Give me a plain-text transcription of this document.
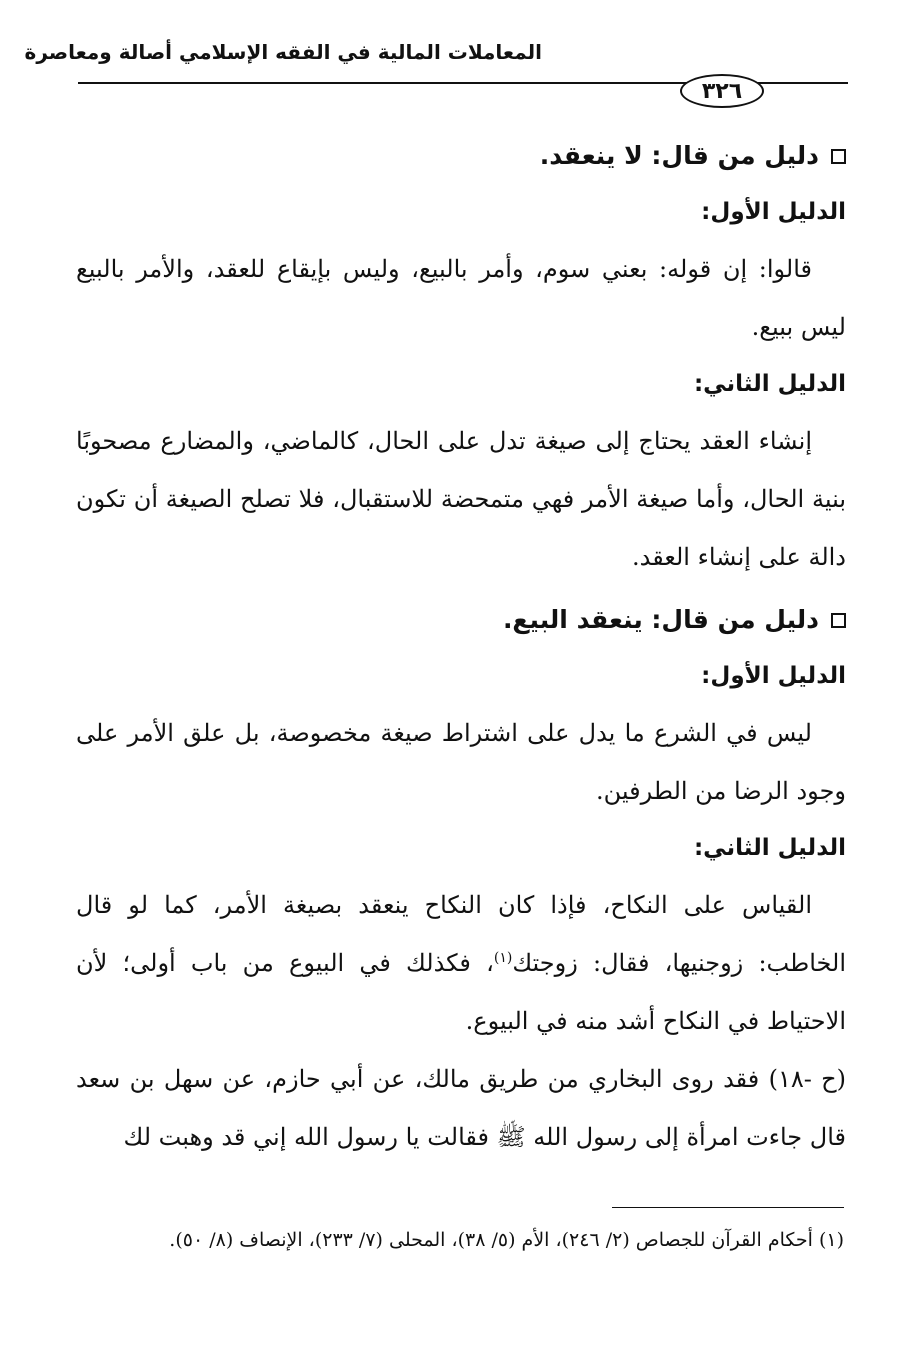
المعاملات المالية في الفقه الإسلامي أصالة ومعاصرة
٣٢٦
دليل من قال: لا ينعقد.
الدليل الأول:

قالوا: إن قوله: بعني سوم، وأمر بالبيع، وليس بإيقاع للعقد، والأمر بالبيع ليس ببيع.

الدليل الثاني:

إنشاء العقد يحتاج إلى صيغة تدل على الحال، كالماضي، والمضارع مصحوبًا بنية الحال، وأما صيغة الأمر فهي متمحضة للاستقبال، فلا تصلح الصيغة أن تكون دالة على إنشاء العقد.

دليل من قال: ينعقد البيع.
الدليل الأول:

ليس في الشرع ما يدل على اشتراط صيغة مخصوصة، بل علق الأمر على وجود الرضا من الطرفين.

الدليل الثاني:

القياس على النكاح، فإذا كان النكاح ينعقد بصيغة الأمر، كما لو قال الخاطب: زوجنيها، فقال: زوجتك$^{(١)}$، فكذلك في البيوع من باب أولى؛ لأن الاحتياط في النكاح أشد منه في البيوع.

(ح -١٨) فقد روى البخاري من طريق مالك، عن أبي حازم، عن سهل بن سعد قال جاءت امرأة إلى رسول الله ﷺ فقالت يا رسول الله إني قد وهبت لك

(١) أحكام القرآن للجصاص (٢/ ٢٤٦)، الأم (٥/ ٣٨)، المحلى (٧/ ٢٣٣)، الإنصاف (٨/ ٥٠).
